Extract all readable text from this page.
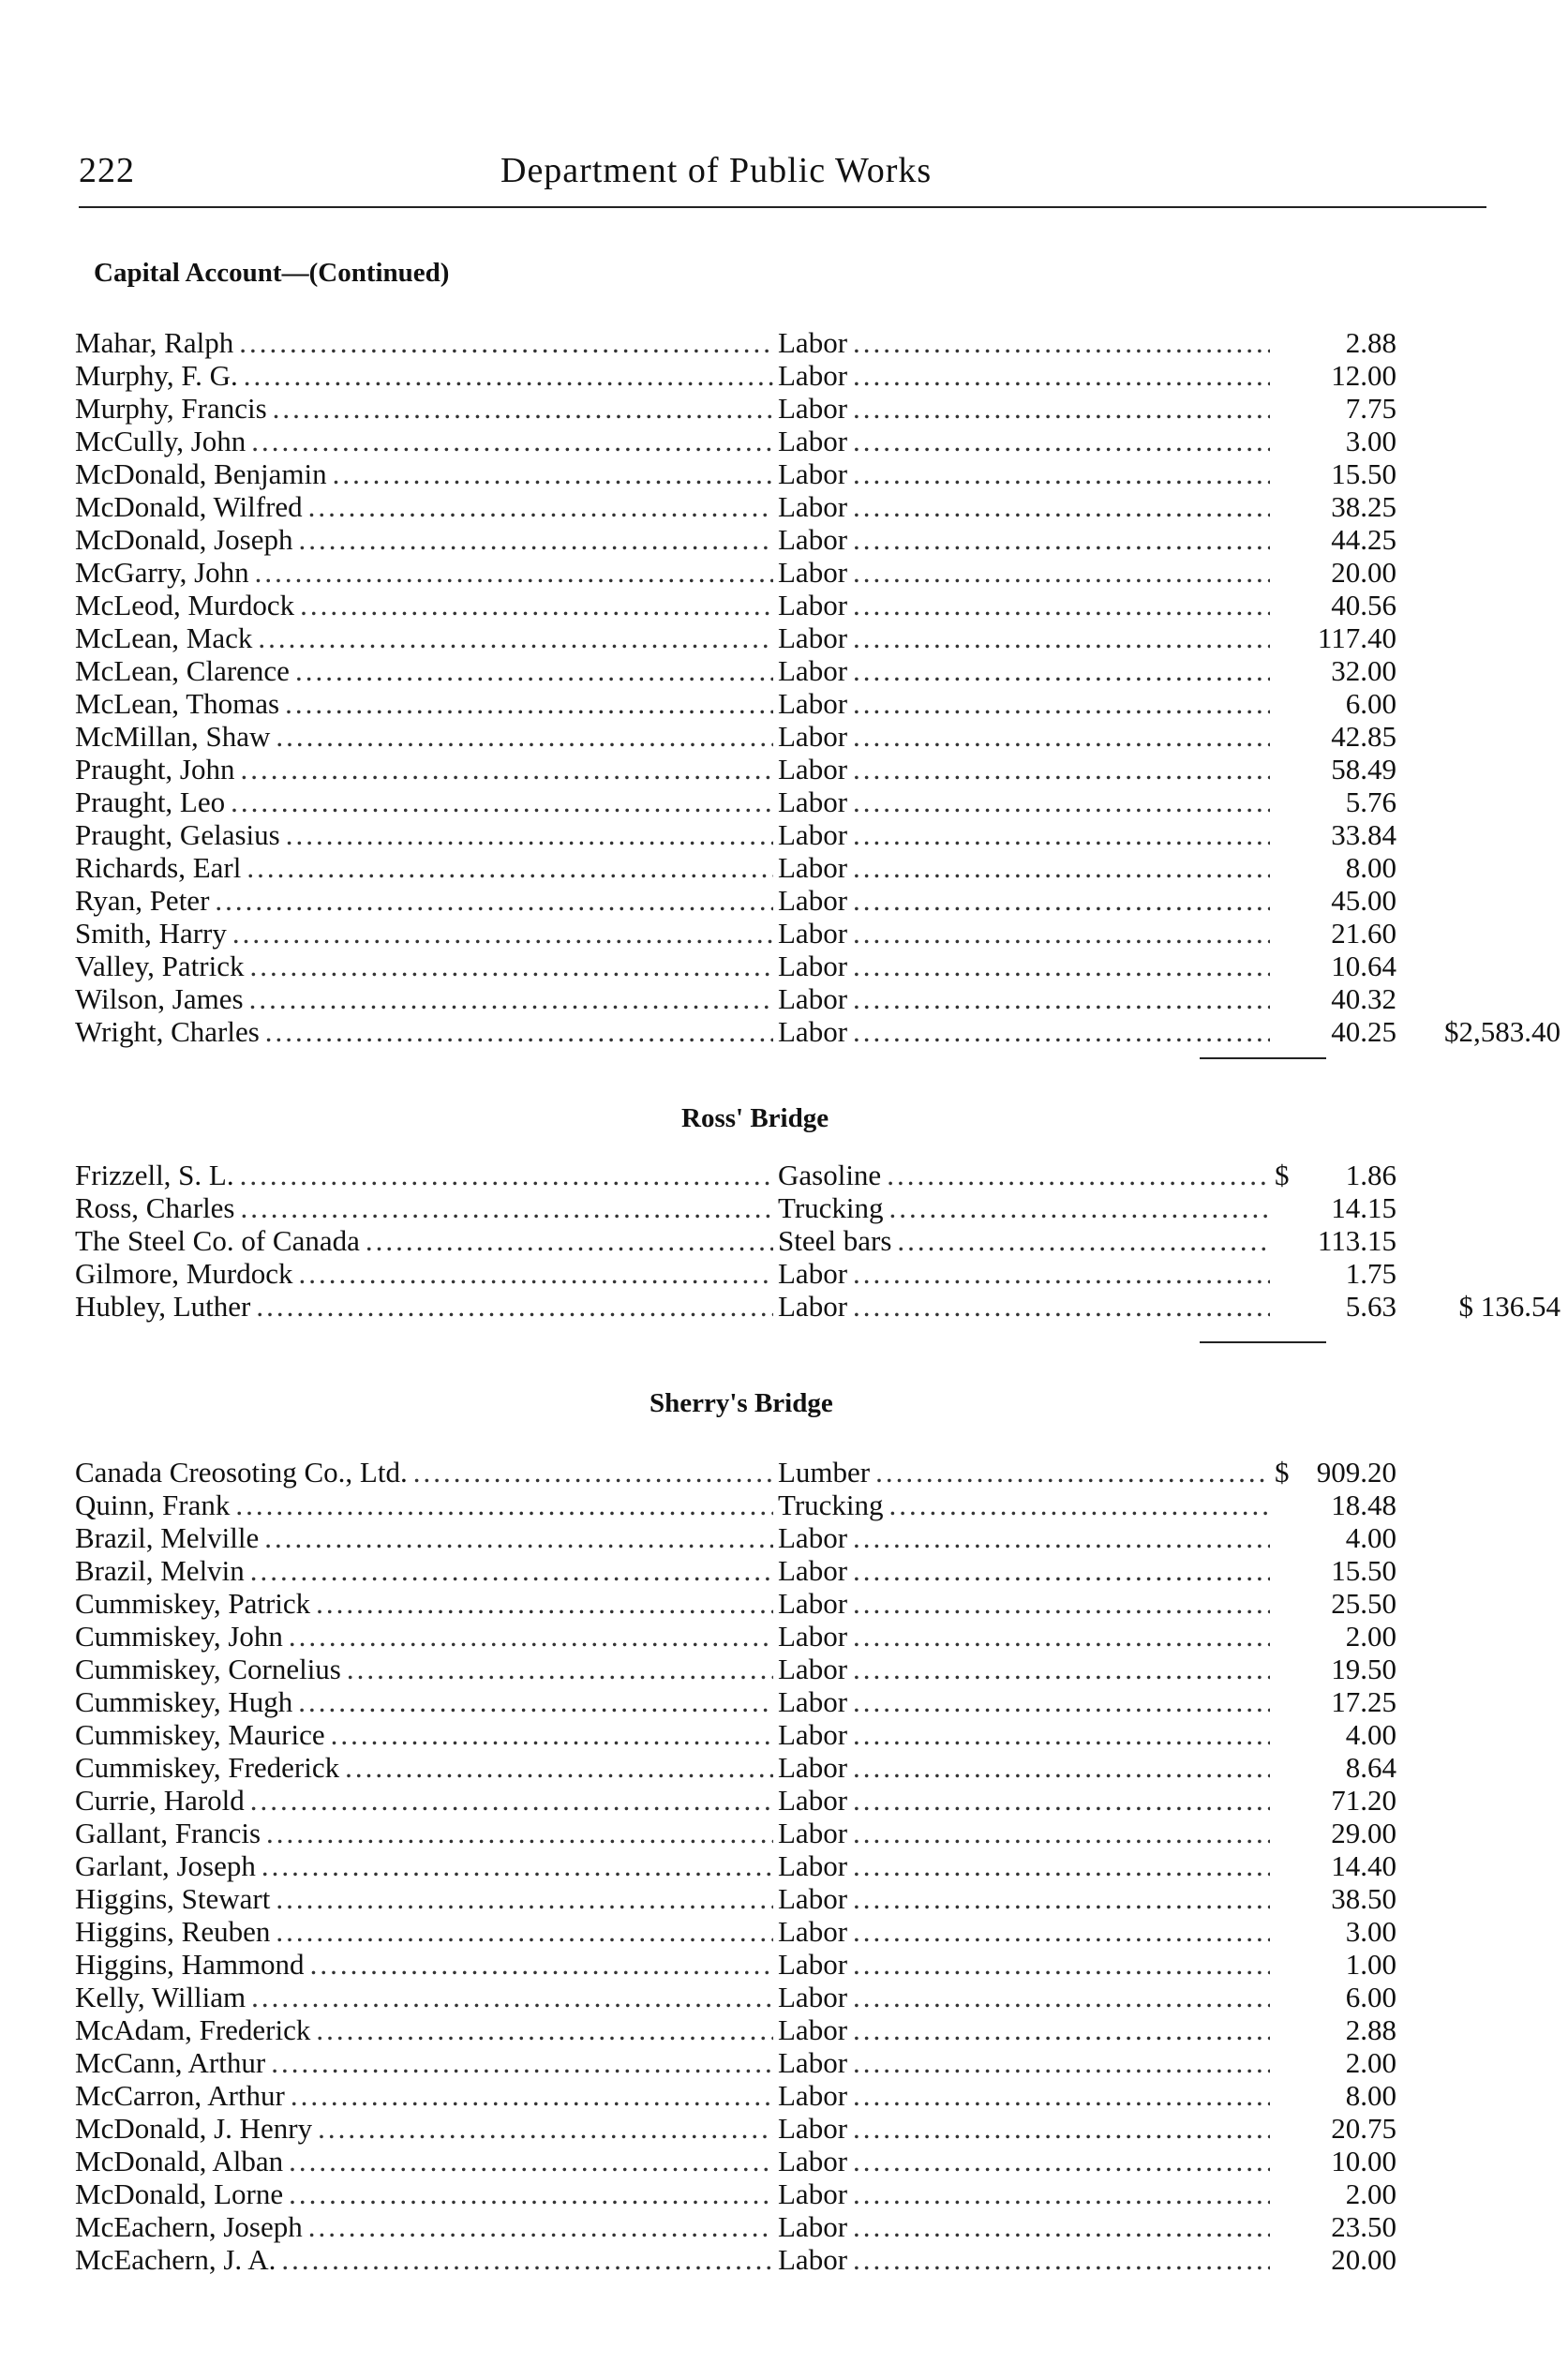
222	Department of Public Works
Capital Account—(Continued)
Mahar, Ralph .....	Labor .....	2.88
Murphy, F. G. .....	Labor .....	12.00
Murphy, Francis .....	Labor .....	7.75
McCully, John .....	Labor .....	3.00
McDonald, Benjamin .....	Labor .....	15.50
McDonald, Wilfred .....	Labor .....	38.25
McDonald, Joseph .....	Labor .....	44.25
McGarry, John .....	Labor .....	20.00
McLeod, Murdock .....	Labor .....	40.56
McLean, Mack .....	Labor .....	117.40
McLean, Clarence .....	Labor .....	32.00
McLean, Thomas .....	Labor .....	6.00
McMillan, Shaw .....	Labor .....	42.85
Praught, John .....	Labor .....	58.49
Praught, Leo .....	Labor .....	5.76
Praught, Gelasius .....	Labor .....	33.84
Richards, Earl .....	Labor .....	8.00
Ryan, Peter .....	Labor .....	45.00
Smith, Harry .....	Labor .....	21.60
Valley, Patrick .....	Labor .....	10.64
Wilson, James .....	Labor .....	40.32
Wright, Charles .....	Labor .....	40.25	$2,583.40
Ross' Bridge
Frizzell, S. L. .....	Gasoline .....	$	1.86
Ross, Charles .....	Trucking .....	14.15
The Steel Co. of Canada .....	Steel bars .....	113.15
Gilmore, Murdock .....	Labor .....	1.75
Hubley, Luther .....	Labor .....	5.63	$ 136.54
Sherry's Bridge
Canada Creosoting Co., Ltd. .....	Lumber .....	$ 909.20
Quinn, Frank .....	Trucking .....	18.48
Brazil, Melville .....	Labor .....	4.00
Brazil, Melvin .....	Labor .....	15.50
Cummiskey, Patrick .....	Labor .....	25.50
Cummiskey, John .....	Labor .....	2.00
Cummiskey, Cornelius .....	Labor .....	19.50
Cummiskey, Hugh .....	Labor .....	17.25
Cummiskey, Maurice .....	Labor .....	4.00
Cummiskey, Frederick .....	Labor .....	8.64
Currie, Harold .....	Labor .....	71.20
Gallant, Francis .....	Labor .....	29.00
Garlant, Joseph .....	Labor .....	14.40
Higgins, Stewart .....	Labor .....	38.50
Higgins, Reuben .....	Labor .....	3.00
Higgins, Hammond .....	Labor .....	1.00
Kelly, William .....	Labor .....	6.00
McAdam, Frederick .....	Labor .....	2.88
McCann, Arthur .....	Labor .....	2.00
McCarron, Arthur .....	Labor .....	8.00
McDonald, J. Henry .....	Labor .....	20.75
McDonald, Alban .....	Labor .....	10.00
McDonald, Lorne .....	Labor .....	2.00
McEachern, Joseph .....	Labor .....	23.50
McEachern, J. A. .....	Labor .....	20.00
